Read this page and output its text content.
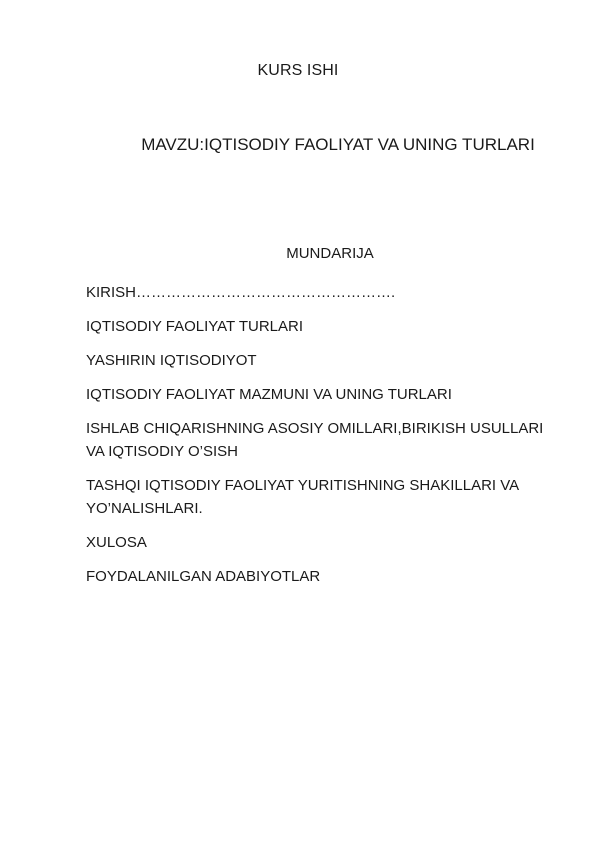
KURS ISHI
MAVZU:IQTISODIY FAOLIYAT VA UNING TURLARI
MUNDARIJA
KIRISH…………………………………………….
IQTISODIY FAOLIYAT TURLARI
YASHIRIN IQTISODIYOT
IQTISODIY FAOLIYAT MAZMUNI VA UNING TURLARI
ISHLAB CHIQARISHNING ASOSIY OMILLARI,BIRIKISH USULLARI VA IQTISODIY O’SISH
TASHQI IQTISODIY FAOLIYAT YURITISHNING SHAKILLARI VA YO’NALISHLARI.
XULOSA
FOYDALANILGAN ADABIYOTLAR
